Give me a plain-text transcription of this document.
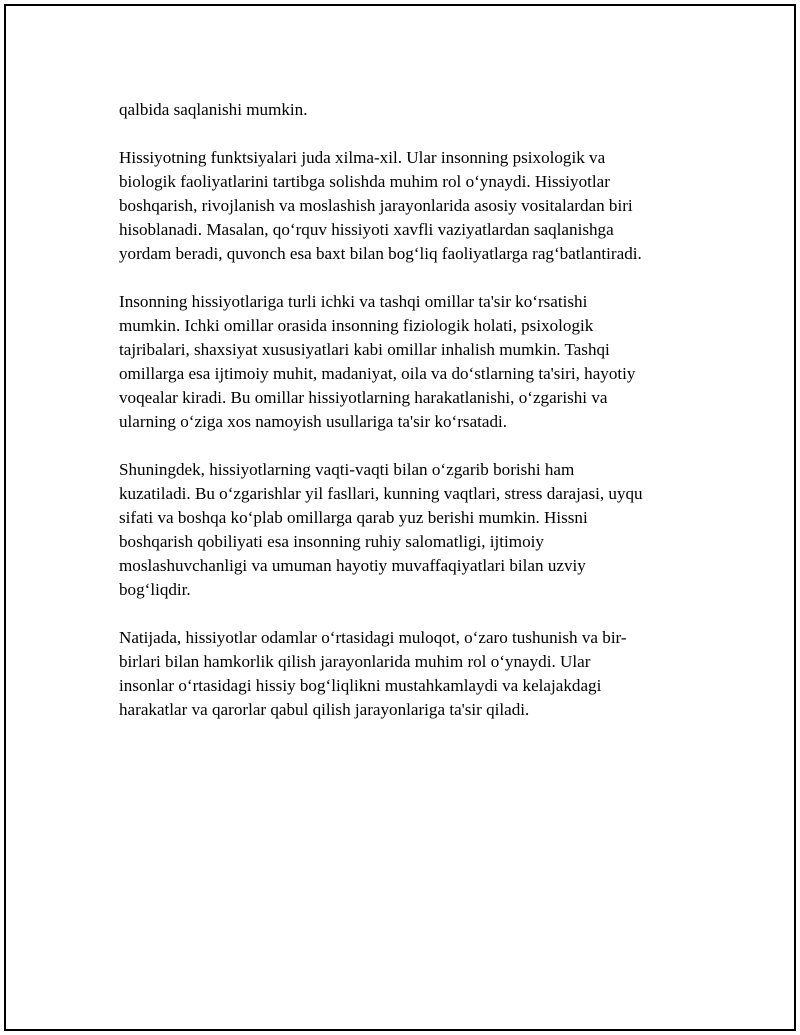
qalbida saqlanishi mumkin.
Hissiyotning funktsiyalari juda xilma-xil. Ular insonning psixologik va
biologik faoliyatlarini tartibga solishda muhim rol o‘ynaydi. Hissiyotlar
boshqarish, rivojlanish va moslashish jarayonlarida asosiy vositalardan biri
hisoblanadi. Masalan, qo‘rquv hissiyoti xavfli vaziyatlardan saqlanishga
yordam beradi, quvonch esa baxt bilan bog‘liq faoliyatlarga rag‘batlantiradi.
Insonning hissiyotlariga turli ichki va tashqi omillar ta'sir ko‘rsatishi
mumkin. Ichki omillar orasida insonning fiziologik holati, psixologik
tajribalari, shaxsiyat xususiyatlari kabi omillar inhalish mumkin. Tashqi
omillarga esa ijtimoiy muhit, madaniyat, oila va do‘stlarning ta'siri, hayotiy
voqealar kiradi. Bu omillar hissiyotlarning harakatlanishi, o‘zgarishi va
ularning o‘ziga xos namoyish usullariga ta'sir ko‘rsatadi.
Shuningdek, hissiyotlarning vaqti-vaqti bilan o‘zgarib borishi ham
kuzatiladi. Bu o‘zgarishlar yil fasllari, kunning vaqtlari, stress darajasi, uyqu
sifati va boshqa ko‘plab omillarga qarab yuz berishi mumkin. Hissni
boshqarish qobiliyati esa insonning ruhiy salomatligi, ijtimoiy
moslashuvchanligi va umuman hayotiy muvaffaqiyatlari bilan uzviy
bog‘liqdir.
Natijada, hissiyotlar odamlar o‘rtasidagi muloqot, o‘zaro tushunish va bir-
birlari bilan hamkorlik qilish jarayonlarida muhim rol o‘ynaydi. Ular
insonlar o‘rtasidagi hissiy bog‘liqlikni mustahkamlaydi va kelajakdagi
harakatlar va qarorlar qabul qilish jarayonlariga ta'sir qiladi.
